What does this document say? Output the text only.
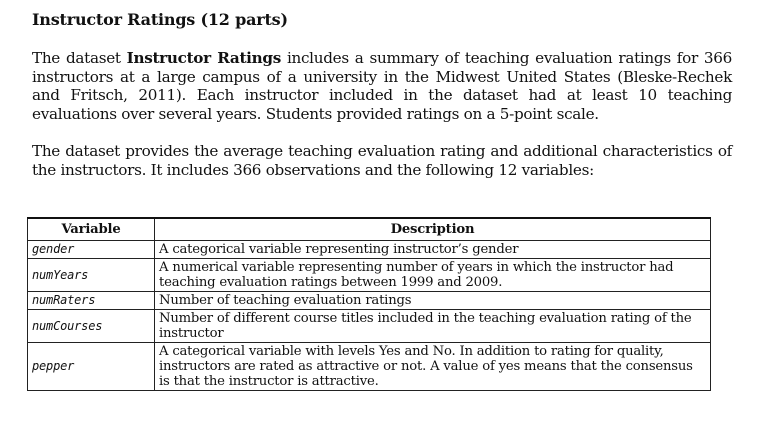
Instructor Ratings (12 parts)

The dataset Instructor Ratings includes a summary of teaching evaluation ratings for 366 instructors at a large campus of a university in the Midwest United States (Bleske-Rechek and Fritsch, 2011). Each instructor included in the dataset had at least 10 teaching evaluations over several years. Students provided ratings on a 5-point scale.

The dataset provides the average teaching evaluation rating and additional characteristics of the instructors. It includes 366 observations and the following 12 variables:

Variable	Description
gender	A categorical variable representing instructor’s gender
numYears	A numerical variable representing number of years in which the instructor had teaching evaluation ratings between 1999 and 2009.
numRaters	Number of teaching evaluation ratings
numCourses	Number of different course titles included in the teaching evaluation rating of the instructor
pepper	A categorical variable with levels Yes and No. In addition to rating for quality, instructors are rated as attractive or not. A value of yes means that the consensus is that the instructor is attractive.
